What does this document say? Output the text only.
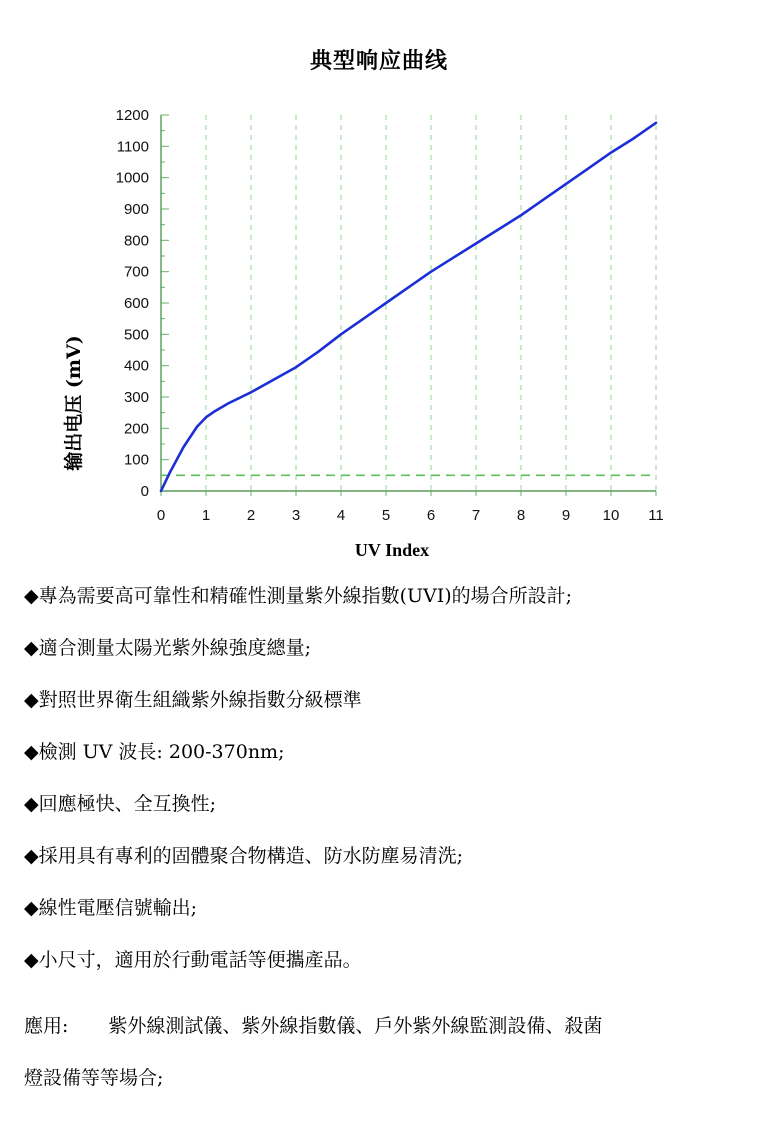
典型响应曲线
0 1 2 3 4 5 6 7 8 9 10 11
0
100
200
300
400
500
600
700
800
900
1000
1100
1200
UV Index
输出电压 (mV)
◆專為需要高可靠性和精確性測量紫外線指數(UVI)的場合所設計;
◆適合測量太陽光紫外線強度總量;
◆對照世界衛生組織紫外線指數分級標準
◆檢測 UV 波長: 200-370nm;
◆回應極快、全互換性;
◆採用具有專利的固體聚合物構造、防水防塵易清洗;
◆線性電壓信號輸出;
◆小尺寸，適用於行動電話等便攜產品。
應用: 紫外線測試儀、紫外線指數儀、戶外紫外線監測設備、殺菌
燈設備等等場合;
